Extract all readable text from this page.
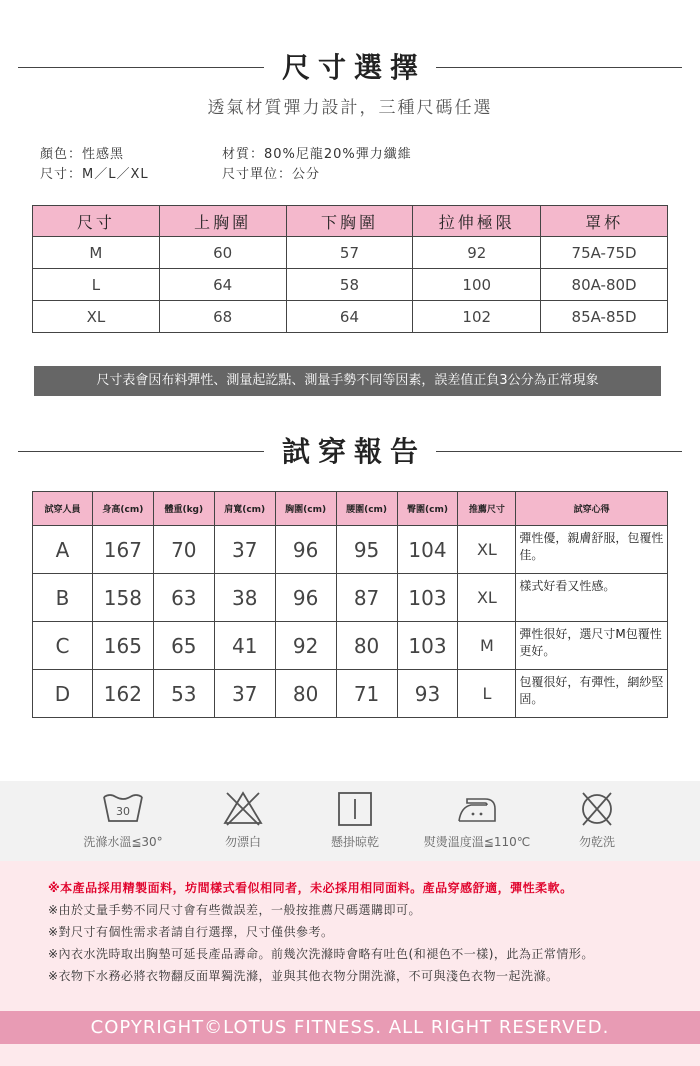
尺寸選擇
透氣材質彈力設計，三種尺碼任選
顏色：性感黑
尺寸：M／L／XL
材質：80%尼龍20%彈力纖維
尺寸單位：公分
尺寸	上胸圍	下胸圍	拉伸極限	罩杯
M	60	57	92	75A-75D
L	64	58	100	80A-80D
XL	68	64	102	85A-85D
尺寸表會因布料彈性、測量起訖點、測量手勢不同等因素，誤差值正負3公分為正常現象
試穿報告
試穿人員	身高(cm)	體重(kg)	肩寬(cm)	胸圍(cm)	腰圍(cm)	臀圍(cm)	推薦尺寸	試穿心得
A	167	70	37	96	95	104	XL	彈性優，親膚舒服，包覆性佳。
B	158	63	38	96	87	103	XL	樣式好看又性感。
C	165	65	41	92	80	103	M	彈性很好，選尺寸M包覆性更好。
D	162	53	37	80	71	93	L	包覆很好，有彈性，網紗堅固。
30
洗滌水溫≦30°	勿漂白	懸掛晾乾	熨燙溫度溫≦110℃	勿乾洗

※本產品採用精製面料，坊間樣式看似相同者，未必採用相同面料。產品穿感舒適，彈性柔軟。

※由於丈量手勢不同尺寸會有些微誤差，一般按推薦尺碼選購即可。

※對尺寸有個性需求者請自行選擇，尺寸僅供參考。

※內衣水洗時取出胸墊可延長產品壽命。前幾次洗滌時會略有吐色(和褪色不一樣)，此為正常情形。

※衣物下水務必將衣物翻反面單獨洗滌，並與其他衣物分開洗滌，不可與淺色衣物一起洗滌。

COPYRIGHT©LOTUS FITNESS. ALL RIGHT RESERVED.
